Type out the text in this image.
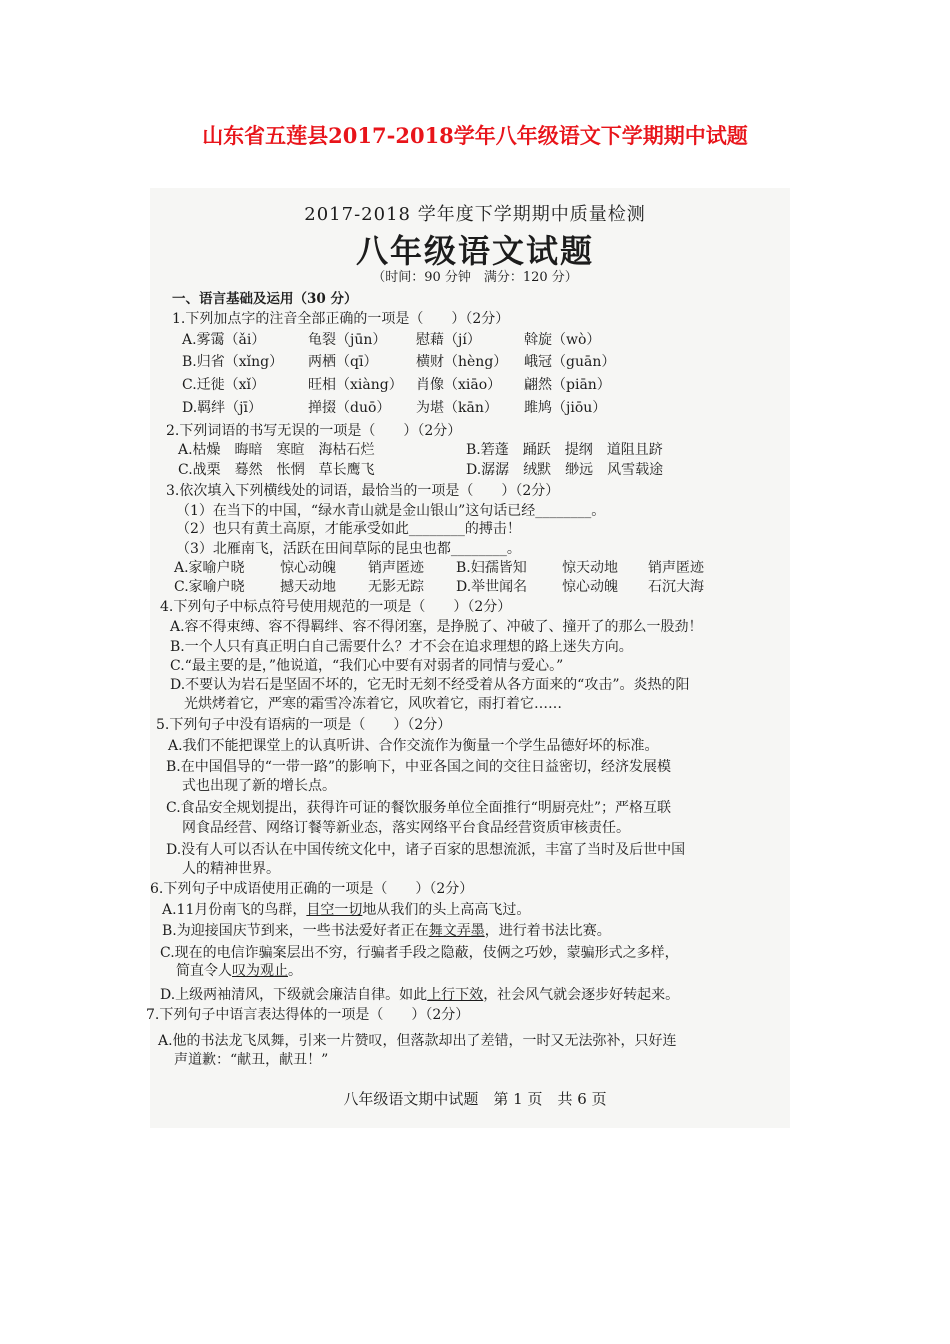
山东省五莲县2017-2018学年八年级语文下学期期中试题
2017-2018 学年度下学期期中质量检测
八年级语文试题
（时间：90 分钟　满分：120 分）
一、语言基础及运用（30 分）
1.下列加点字的注音全部正确的一项是（　　）（2分）
A.雾霭（ǎi）	龟裂（jūn） 慰藉（jí）	斡旋（wò）
B.归省（xǐng） 两栖（qī）	横财（hèng） 峨冠（guān）
C.迁徙（xǐ）	旺相（xiàng） 肖像（xiāo） 翩然（piān）
D.羁绊（jī）	掸掇（duō） 为堪（kān） 雎鸠（jiōu）
2.下列词语的书写无误的一项是（　　）（2分）
A.枯燥　晦暗　寒暄　海枯石烂	B.箬蓬　踊跃　提纲　道阻且跻
C.战栗　蓦然　怅惘　草长鹰飞	D.潺潺　绒默　缈远　风雪载途
3.依次填入下列横线处的词语，最恰当的一项是（　　）（2分）
（1）在当下的中国，“绿水青山就是金山银山”这句话已经________。
（2）也只有黄土高原，才能承受如此________的搏击！
（3）北雁南飞，活跃在田间草际的昆虫也都________。
A.家喻户晓	惊心动魄 销声匿迹 B.妇孺皆知	惊天动地 销声匿迹
C.家喻户晓	撼天动地 无影无踪 D.举世闻名 惊心动魄 石沉大海
4.下列句子中标点符号使用规范的一项是（　　）（2分）
A.容不得束缚、容不得羁绊、容不得闭塞，是挣脱了、冲破了、撞开了的那么一股劲！
B.一个人只有真正明白自己需要什么？才不会在追求理想的路上迷失方向。
C.“最主要的是，”他说道，“我们心中要有对弱者的同情与爱心。”
D.不要认为岩石是坚固不坏的，它无时无刻不经受着从各方面来的“攻击”。炎热的阳
光烘烤着它，严寒的霜雪冷冻着它，风吹着它，雨打着它……
5.下列句子中没有语病的一项是（　　）（2分）
A.我们不能把课堂上的认真听讲、合作交流作为衡量一个学生品德好坏的标准。
B.在中国倡导的“一带一路”的影响下，中亚各国之间的交往日益密切，经济发展模
式也出现了新的增长点。
C.食品安全规划提出，获得许可证的餐饮服务单位全面推行“明厨亮灶”；严格互联
网食品经营、网络订餐等新业态，落实网络平台食品经营资质审核责任。
D.没有人可以否认在中国传统文化中，诸子百家的思想流派，丰富了当时及后世中国
人的精神世界。
6.下列句子中成语使用正确的一项是（　　）（2分）
A.11月份南飞的鸟群，目空一切地从我们的头上高高飞过。
B.为迎接国庆节到来，一些书法爱好者正在舞文弄墨，进行着书法比赛。
C.现在的电信诈骗案层出不穷，行骗者手段之隐蔽，伎俩之巧妙，蒙骗形式之多样，
简直令人叹为观止。
D.上级两袖清风，下级就会廉洁自律。如此上行下效，社会风气就会逐步好转起来。
7.下列句子中语言表达得体的一项是（　　）（2分）
A.他的书法龙飞凤舞，引来一片赞叹，但落款却出了差错，一时又无法弥补，只好连
声道歉：“献丑，献丑！”
八年级语文期中试题　第 1 页　共 6 页
